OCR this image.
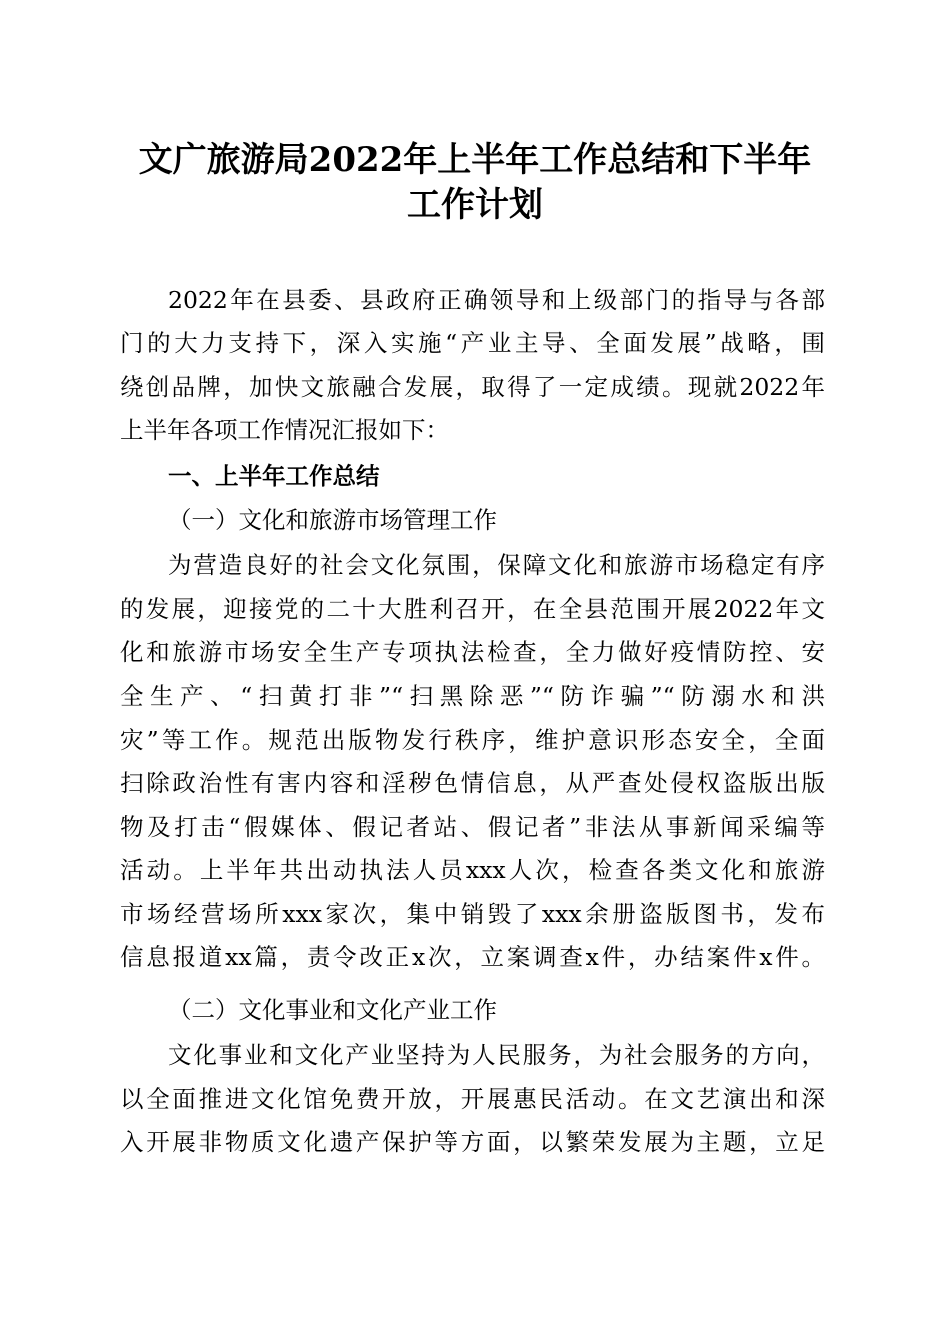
文广旅游局2022年上半年工作总结和下半年
工作计划
2022年在县委、县政府正确领导和上级部门的指导与各部
门的大力支持下，深入实施“产业主导、全面发展”战略，围
绕创品牌，加快文旅融合发展，取得了一定成绩。现就2022年
上半年各项工作情况汇报如下：
一、上半年工作总结
（一）文化和旅游市场管理工作
为营造良好的社会文化氛围，保障文化和旅游市场稳定有序
的发展，迎接党的二十大胜利召开，在全县范围开展2022年文
化和旅游市场安全生产专项执法检查，全力做好疫情防控、安
全生产、“扫黄打非”“扫黑除恶”“防诈骗”“防溺水和洪
灾”等工作。规范出版物发行秩序，维护意识形态安全，全面
扫除政治性有害内容和淫秽色情信息，从严查处侵权盗版出版
物及打击“假媒体、假记者站、假记者”非法从事新闻采编等
活动。上半年共出动执法人员xxx人次，检查各类文化和旅游
市场经营场所xxx家次，集中销毁了xxx余册盗版图书，发布
信息报道xx篇，责令改正x次，立案调查x件，办结案件x件。
（二）文化事业和文化产业工作
文化事业和文化产业坚持为人民服务，为社会服务的方向，
以全面推进文化馆免费开放，开展惠民活动。在文艺演出和深
入开展非物质文化遗产保护等方面，以繁荣发展为主题，立足
